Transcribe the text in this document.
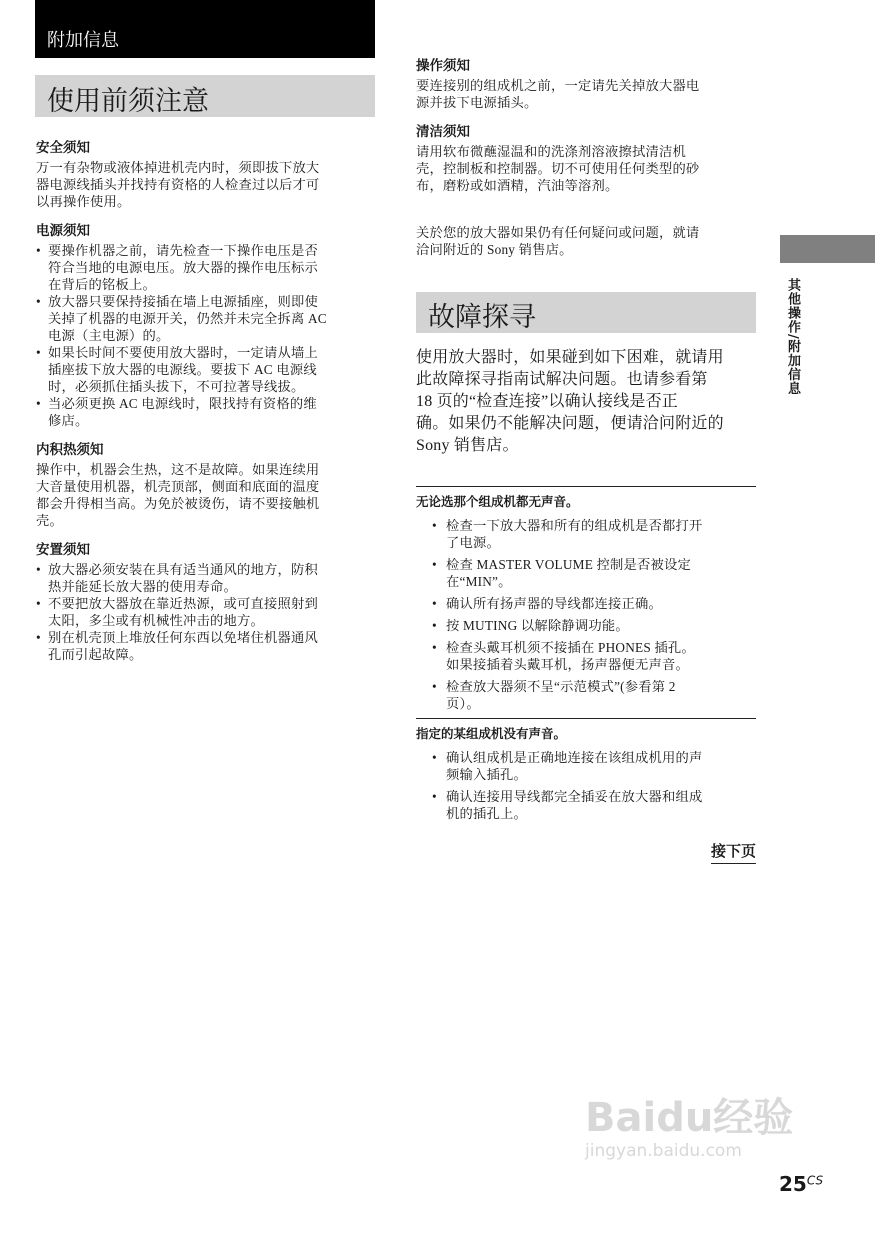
附加信息
使用前须注意
安全须知
万一有杂物或液体掉进机壳内时，须即拔下放大
器电源线插头并找持有资格的人检查过以后才可
以再操作使用。
电源须知
• 要操作机器之前，请先检查一下操作电压是否
符合当地的电源电压。放大器的操作电压标示
在背后的铭板上。
• 放大器只要保持接插在墙上电源插座，则即使
关掉了机器的电源开关，仍然并未完全拆离 AC
电源（主电源）的。
• 如果长时间不要使用放大器时，一定请从墙上
插座拔下放大器的电源线。要拔下 AC 电源线
时，必须抓住插头拔下，不可拉著导线拔。
• 当必须更换 AC 电源线时，限找持有资格的维
修店。
内积热须知
操作中，机器会生热，这不是故障。如果连续用
大音量使用机器，机壳顶部，侧面和底面的温度
都会升得相当高。为免於被烫伤，请不要接触机
壳。
安置须知
• 放大器必须安装在具有适当通风的地方，防积
热并能延长放大器的使用寿命。
• 不要把放大器放在靠近热源，或可直接照射到
太阳，多尘或有机械性冲击的地方。
• 别在机壳顶上堆放任何东西以免堵住机器通风
孔而引起故障。
操作须知
要连接别的组成机之前，一定请先关掉放大器电
源并拔下电源插头。
清洁须知
请用软布微蘸湿温和的洗涤剂溶液擦拭清洁机
壳，控制板和控制器。切不可使用任何类型的砂
布，磨粉或如酒精，汽油等溶剂。
关於您的放大器如果仍有任何疑问或问题，就请
洽问附近的 Sony 销售店。
故障探寻
使用放大器时，如果碰到如下困难，就请用
此故障探寻指南试解决问题。也请参看第
18 页的“检查连接”以确认接线是否正
确。如果仍不能解决问题，便请洽问附近的
Sony 销售店。
无论选那个组成机都无声音。
• 检查一下放大器和所有的组成机是否都打开
了电源。
• 检查 MASTER VOLUME 控制是否被设定
在“MIN”。
• 确认所有扬声器的导线都连接正确。
• 按 MUTING 以解除静调功能。
• 检查头戴耳机须不接插在 PHONES 插孔。
如果接插着头戴耳机，扬声器便无声音。
• 检查放大器须不呈“示范模式”(参看第 2
页）。
指定的某组成机没有声音。
• 确认组成机是正确地连接在该组成机用的声
频输入插孔。
• 确认连接用导线都完全插妥在放大器和组成
机的插孔上。
接下页
其他操作/附加信息
Baidu经验
jingyan.baidu.com
$25^{CS}$
